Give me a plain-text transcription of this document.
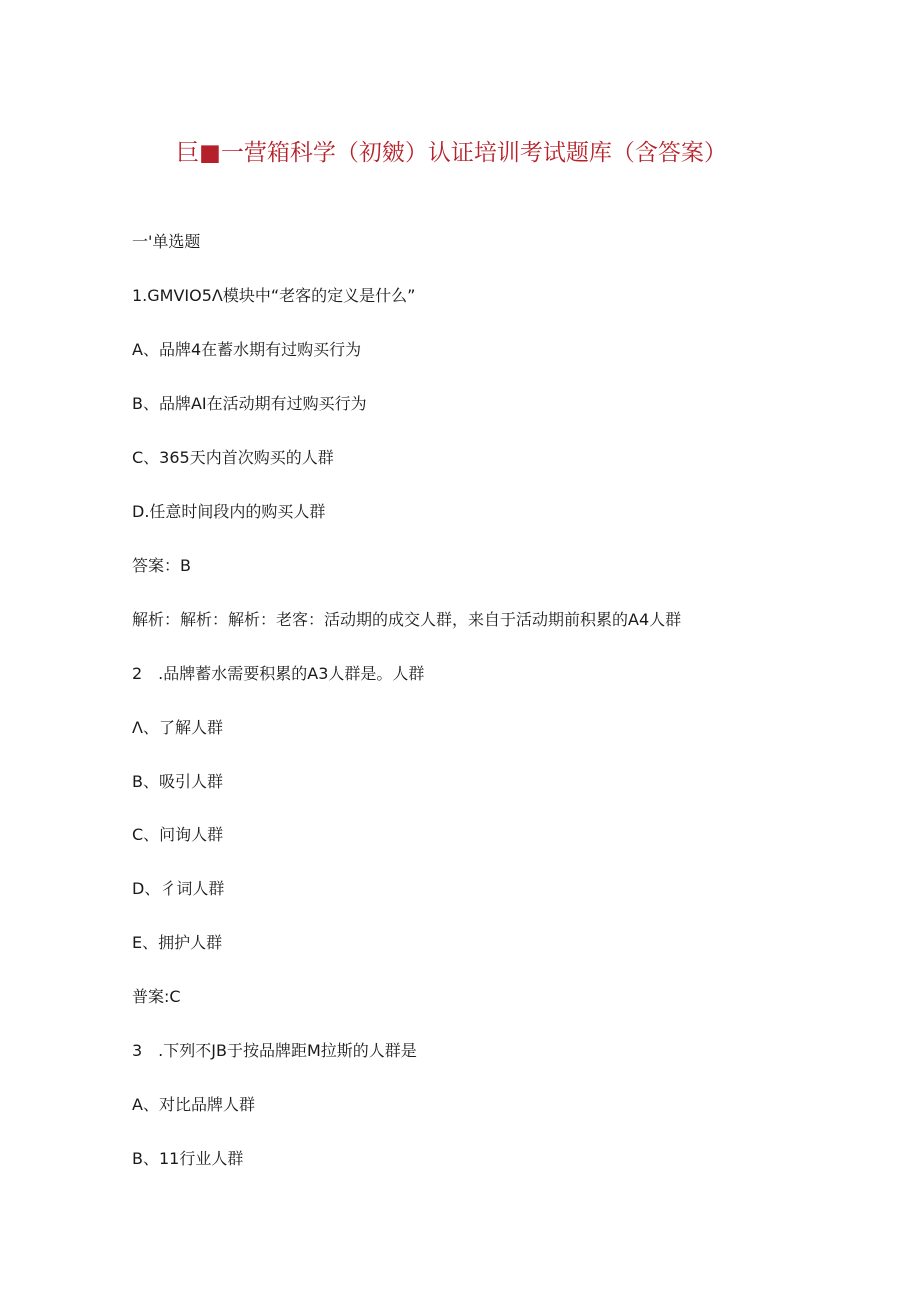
巨■一营箱科学（初皴）认证培训考试题库（含答案）
一'单选题
1.GMVIO5Λ模块中“老客的定义是什么”
A、品牌4在蓄水期有过购买行为
B、品牌AI在活动期有过购买行为
C、365天内首次购买的人群
D.任意时间段内的购买人群
答案：B
解析：解析：解析：老客：活动期的成交人群，来自于活动期前积累的A4人群
2　.品牌蓄水需要积累的A3人群是。人群
Λ、了解人群
B、吸引人群
C、问询人群
D、彳词人群
E、拥护人群
普案:C
3　.下列不JB于按品牌距M拉斯的人群是
A、对比品牌人群
B、11行业人群
